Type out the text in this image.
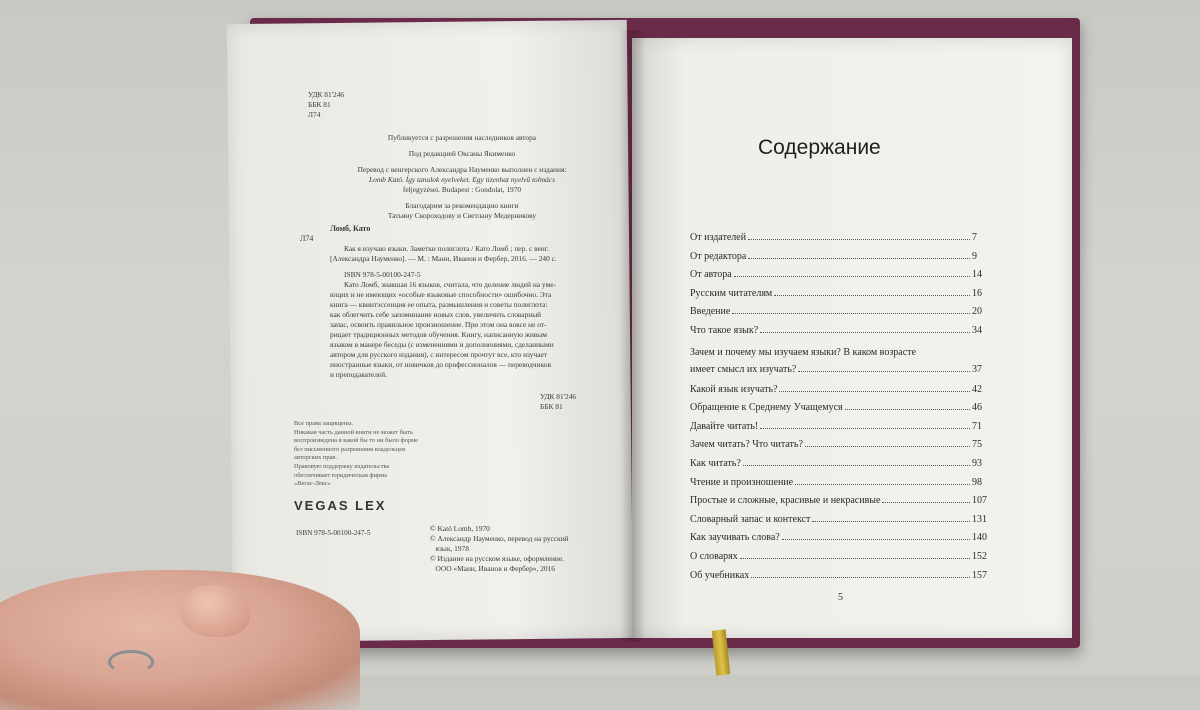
УДК 81'246
ББК 81
Л74
Публикуется с разрешения наследников автора
Под редакцией Оксаны Якименко
Перевод с венгерского Александра Науменко выполнен с издания:
Lomb Kató. Így tanulok nyelveket. Egy tizenhat nyelvű tolmács
feljegyzései. Budapest : Gondolat, 1970
Благодарим за рекомендацию книги
Татьяну Скороходову и Светлану Медерникову
Ломб, Като
Л74
Как я изучаю языки. Заметки полиглота / Като Ломб ; пер. с венг.
[Александра Науменко]. — М. : Манн, Иванов и Фербер, 2016. — 240 с.
ISBN 978-5-00100-247-5
Като Ломб, знавшая 16 языков, считала, что деление людей на уме-
ющих и не имеющих «особые языковые способности» ошибочно. Эта
книга — квинтэссенция ее опыта, размышления и советы полиглота:
как облегчить себе запоминание новых слов, увеличить словарный
запас, освоить правильное произношение. При этом она вовсе не от-
рицает традиционных методов обучения. Книгу, написанную живым
языком в манере беседы (с изменениями и дополнениями, сделанными
автором для русского издания), с интересом прочтут все, кто изучает
иностранные языки, от новичков до профессионалов — переводчиков
и преподавателей.
УДК 81'246
ББК 81
Все права защищены.
Никакая часть данной книги не может быть
воспроизведена в какой бы то ни было форме
без письменного разрешения владельцев
авторских прав.
Правовую поддержку издательства
обеспечивает юридическая фирма
«Вегас-Лекс»
VEGAS LEX
ISBN 978-5-00100-247-5	© Kató Lomb, 1970
© Александр Науменко, перевод на русский
язык, 1978
© Издание на русском языке, оформление.
ООО «Манн, Иванов и Фербер», 2016
Содержание
От издателей	7
От редактора	9
От автора	14
Русским читателям	16
Введение	20
Что такое язык?	34
Зачем и почему мы изучаем языки? В каком возрасте
имеет смысл их изучать?	37
Какой язык изучать?	42
Обращение к Среднему Учащемуся	46
Давайте читать!	71
Зачем читать? Что читать?	75
Как читать?	93
Чтение и произношение	98
Простые и сложные, красивые и некрасивые	107
Словарный запас и контекст	131
Как заучивать слова?	140
О словарях	152
Об учебниках	157
5
